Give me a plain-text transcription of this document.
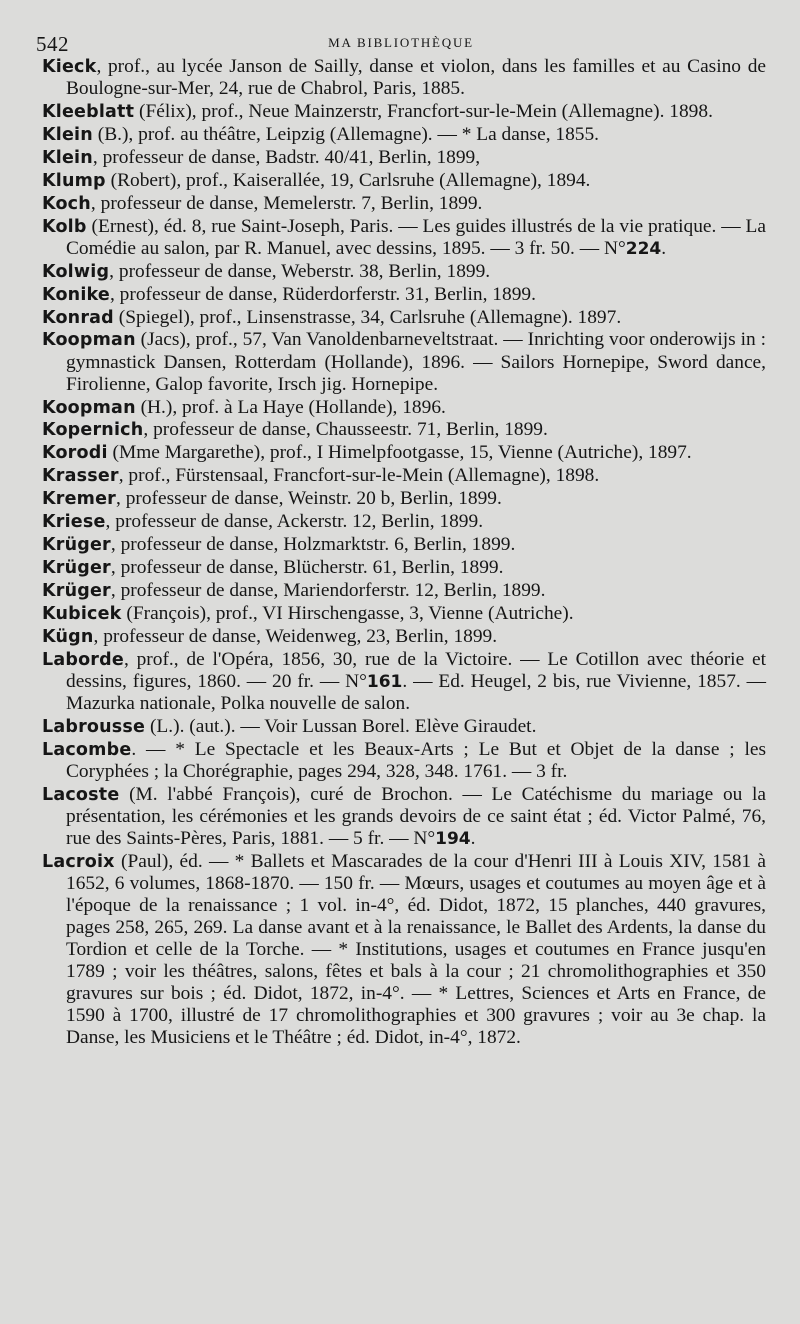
542	MA BIBLIOTHÈQUE

Kieck, prof., au lycée Janson de Sailly, danse et violon, dans les familles et au Casino de Boulogne-sur-Mer, 24, rue de Chabrol, Paris, 1885.

Kleeblatt (Félix), prof., Neue Mainzerstr, Francfort-sur-le-Mein (Allemagne). 1898.

Klein (B.), prof. au théâtre, Leipzig (Allemagne). — * La danse, 1855.

Klein, professeur de danse, Badstr. 40/41, Berlin, 1899,

Klump (Robert), prof., Kaiserallée, 19, Carlsruhe (Allemagne), 1894.

Koch, professeur de danse, Memelerstr. 7, Berlin, 1899.

Kolb (Ernest), éd. 8, rue Saint-Joseph, Paris. — Les guides illustrés de la vie pratique. — La Comédie au salon, par R. Manuel, avec dessins, 1895. — 3 fr. 50. — N°224.

Kolwig, professeur de danse, Weberstr. 38, Berlin, 1899.

Konike, professeur de danse, Rüderdorferstr. 31, Berlin, 1899.

Konrad (Spiegel), prof., Linsenstrasse, 34, Carlsruhe (Allemagne). 1897.

Koopman (Jacs), prof., 57, Van Vanoldenbarneveltstraat. — Inrichting voor onderowijs in : gymnastick Dansen, Rotterdam (Hollande), 1896. — Sailors Hornepipe, Sword dance, Firolienne, Galop favorite, Irsch jig. Hornepipe.

Koopman (H.), prof. à La Haye (Hollande), 1896.

Kopernich, professeur de danse, Chausseestr. 71, Berlin, 1899.

Korodi (Mme Margarethe), prof., I Himelpfootgasse, 15, Vienne (Autriche), 1897.

Krasser, prof., Fürstensaal, Francfort-sur-le-Mein (Allemagne), 1898.

Kremer, professeur de danse, Weinstr. 20 b, Berlin, 1899.

Kriese, professeur de danse, Ackerstr. 12, Berlin, 1899.

Krüger, professeur de danse, Holzmarktstr. 6, Berlin, 1899.

Krüger, professeur de danse, Blücherstr. 61, Berlin, 1899.

Krüger, professeur de danse, Mariendorferstr. 12, Berlin, 1899.

Kubicek (François), prof., VI Hirschengasse, 3, Vienne (Autriche).

Kügn, professeur de danse, Weidenweg, 23, Berlin, 1899.

Laborde, prof., de l'Opéra, 1856, 30, rue de la Victoire. — Le Cotillon avec théorie et dessins, figures, 1860. — 20 fr. — N°161. — Ed. Heugel, 2 bis, rue Vivienne, 1857. — Mazurka nationale, Polka nouvelle de salon.

Labrousse (L.). (aut.). — Voir Lussan Borel. Elève Giraudet.

Lacombe. — * Le Spectacle et les Beaux-Arts ; Le But et Objet de la danse ; les Coryphées ; la Chorégraphie, pages 294, 328, 348. 1761. — 3 fr.

Lacoste (M. l'abbé François), curé de Brochon. — Le Catéchisme du mariage ou la présentation, les cérémonies et les grands devoirs de ce saint état ; éd. Victor Palmé, 76, rue des Saints-Pères, Paris, 1881. — 5 fr. — N°194.

Lacroix (Paul), éd. — * Ballets et Mascarades de la cour d'Henri III à Louis XIV, 1581 à 1652, 6 volumes, 1868-1870. — 150 fr. — Mœurs, usages et coutumes au moyen âge et à l'époque de la renaissance ; 1 vol. in-4°, éd. Didot, 1872, 15 planches, 440 gravures, pages 258, 265, 269. La danse avant et à la renaissance, le Ballet des Ardents, la danse du Tordion et celle de la Torche. — * Institutions, usages et coutumes en France jusqu'en 1789 ; voir les théâtres, salons, fêtes et bals à la cour ; 21 chromolithographies et 350 gravures sur bois ; éd. Didot, 1872, in-4°. — * Lettres, Sciences et Arts en France, de 1590 à 1700, illustré de 17 chromolithographies et 300 gravures ; voir au 3e chap. la Danse, les Musiciens et le Théâtre ; éd. Didot, in-4°, 1872.
